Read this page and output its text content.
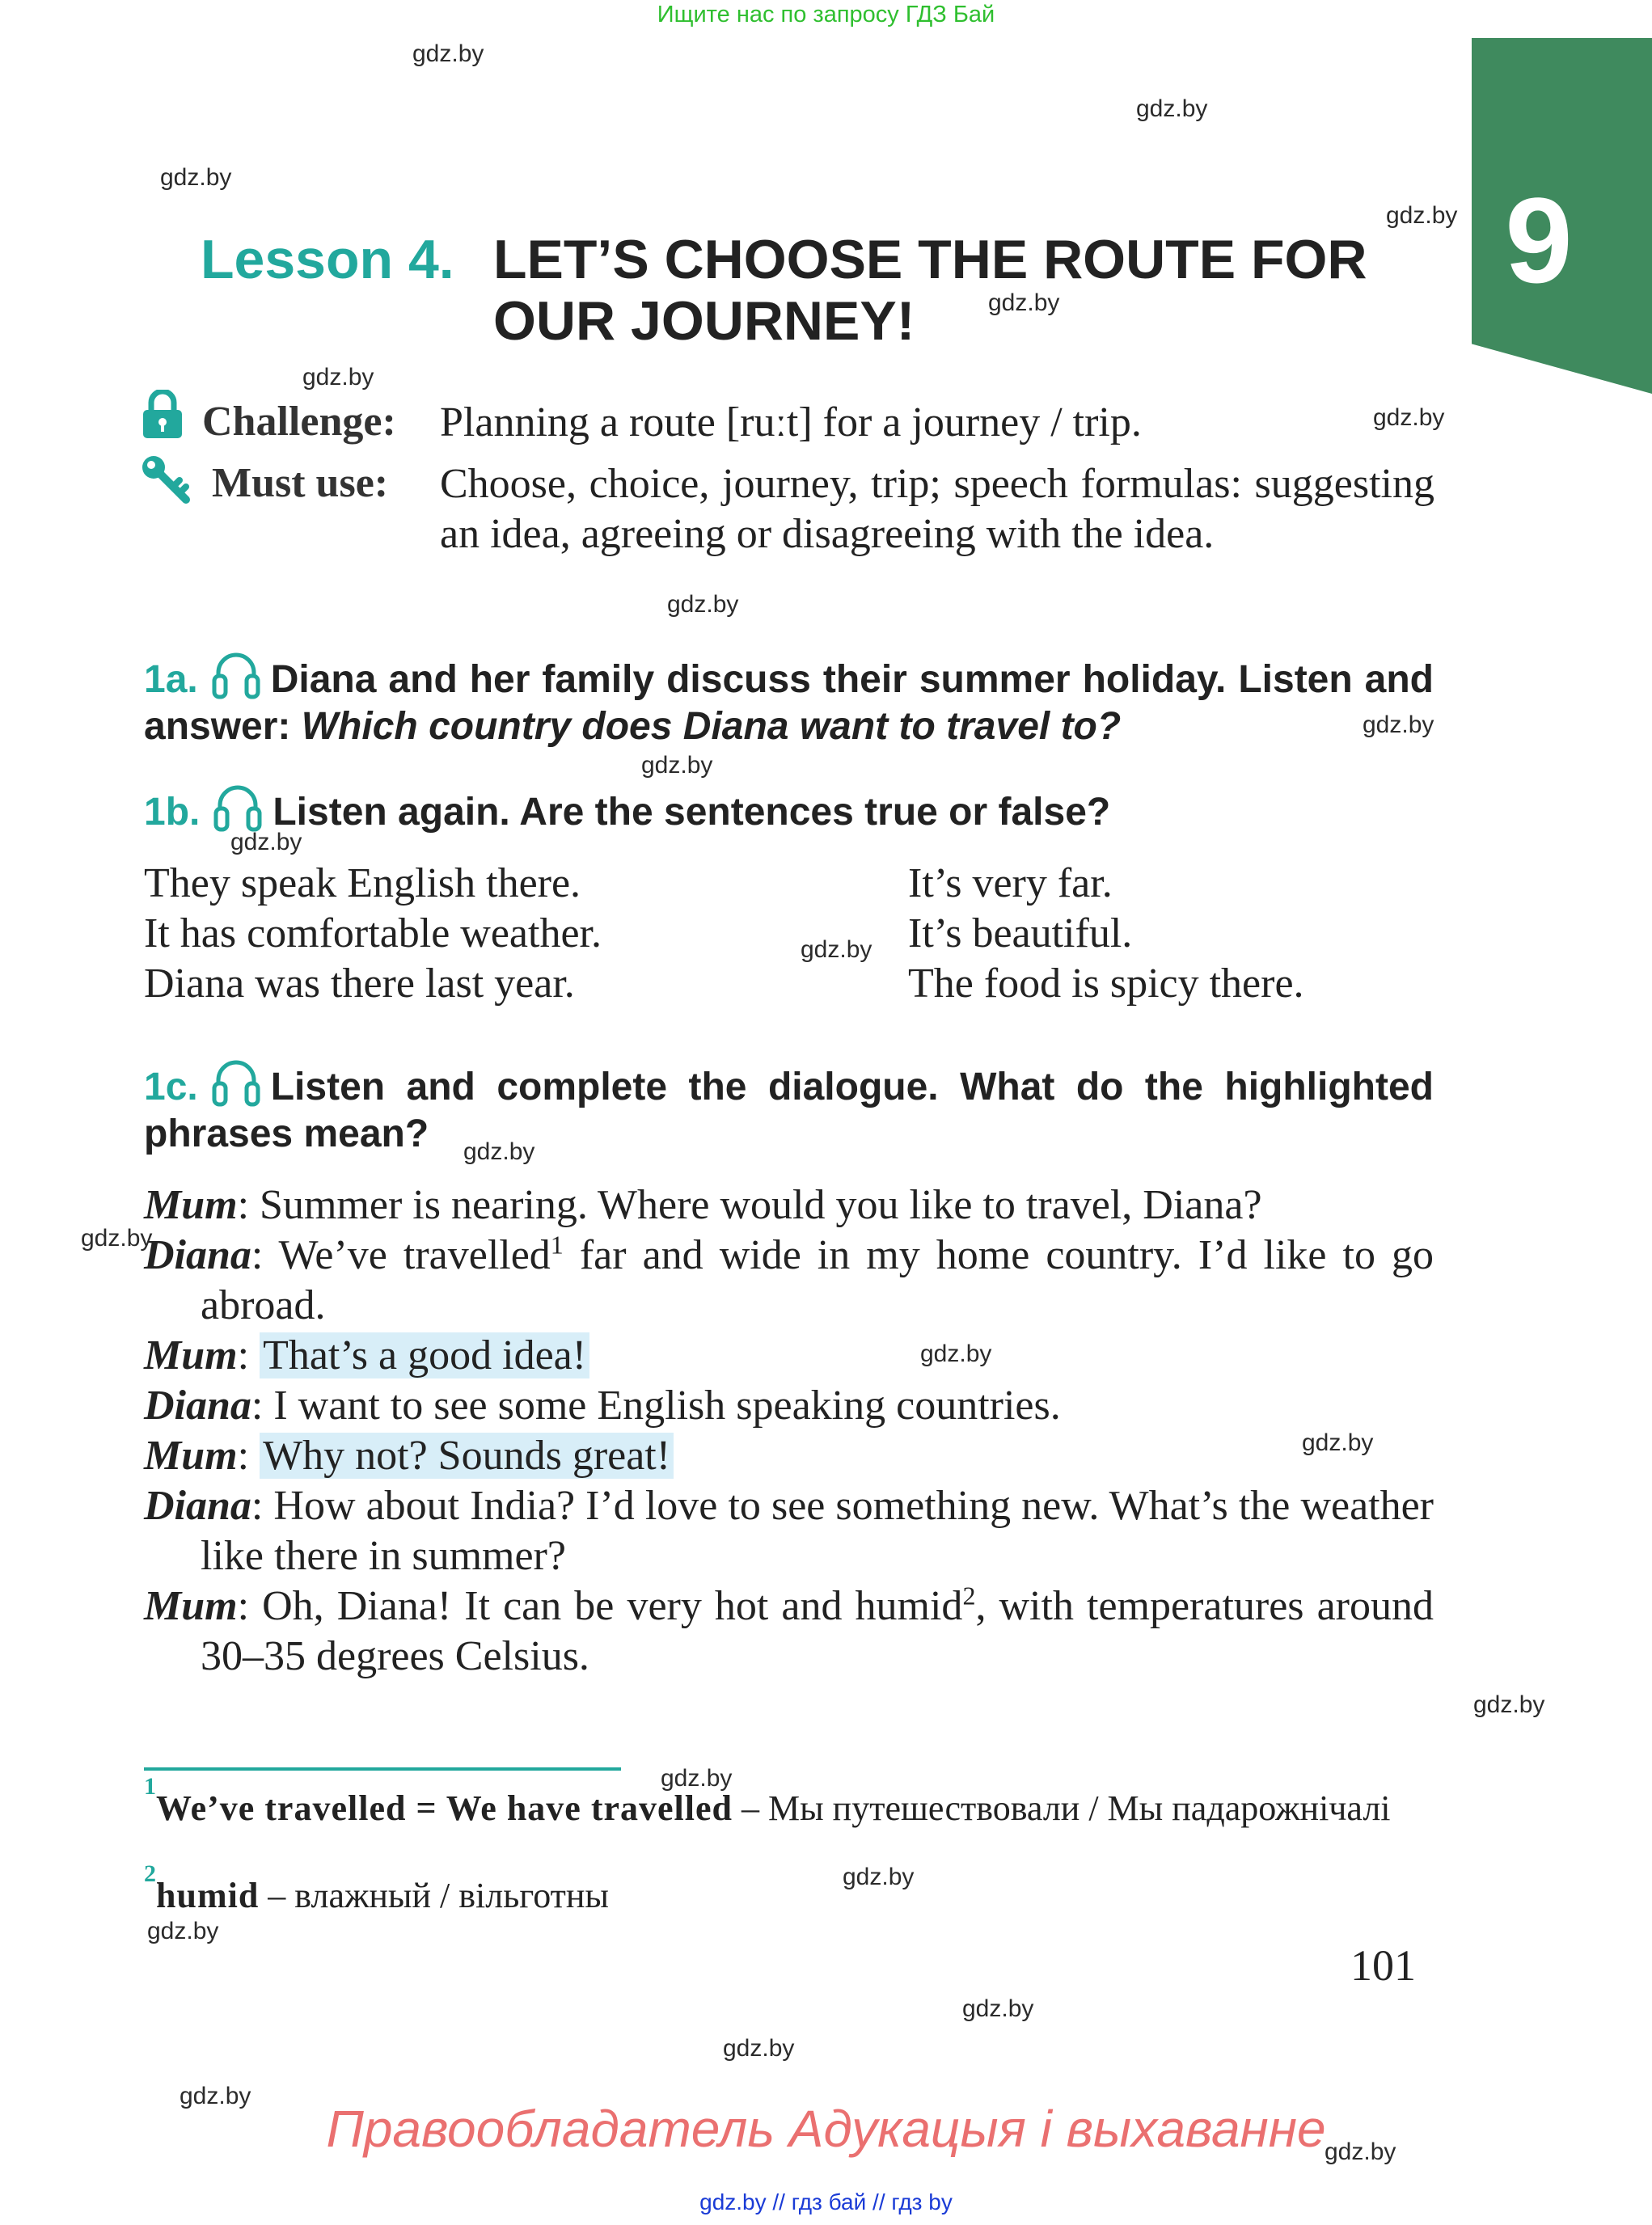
Ищите нас по запросу ГДЗ Бай
9
gdz.by
gdz.by
gdz.by
gdz.by
gdz.by
gdz.by
gdz.by
gdz.by
gdz.by
gdz.by
gdz.by
gdz.by
gdz.by
gdz.by
gdz.by
gdz.by
gdz.by
gdz.by
gdz.by
gdz.by
gdz.by
gdz.by
gdz.by
gdz.by
Lesson 4. LET’S CHOOSE THE ROUTE FOR OUR JOURNEY!
Challenge: Planning a route [ruːt] for a journey / trip.
Must use: Choose, choice, journey, trip; speech formulas: suggesting an idea, agreeing or disagreeing with the idea.
1a. Diana and her family discuss their summer holiday. Listen and answer: Which country does Diana want to travel to?
1b. Listen again. Are the sentences true or false?
They speak English there.
It has comfortable weather.
Diana was there last year.
It’s very far.
It’s beautiful.
The food is spicy there.
1c. Listen and complete the dialogue. What do the highlighted phrases mean?
Mum: Summer is nearing. Where would you like to travel, Diana?
Diana: We’ve travelled$^1$ far and wide in my home country. I’d like to go abroad.
Mum: That’s a good idea!
Diana: I want to see some English speaking countries.
Mum: Why not? Sounds great!
Diana: How about India? I’d love to see something new. What’s the weather like there in summer?
Mum: Oh, Diana! It can be very hot and humid$^2$, with temperatures around 30–35 degrees Celsius.
$^1$We’ve travelled = We have travelled – Мы путешествовали / Мы падарожнічалі
$^2$humid – влажный / вільготны
101
Правообладатель Адукацыя і выхаванне
gdz.by // гдз бай // гдз by
